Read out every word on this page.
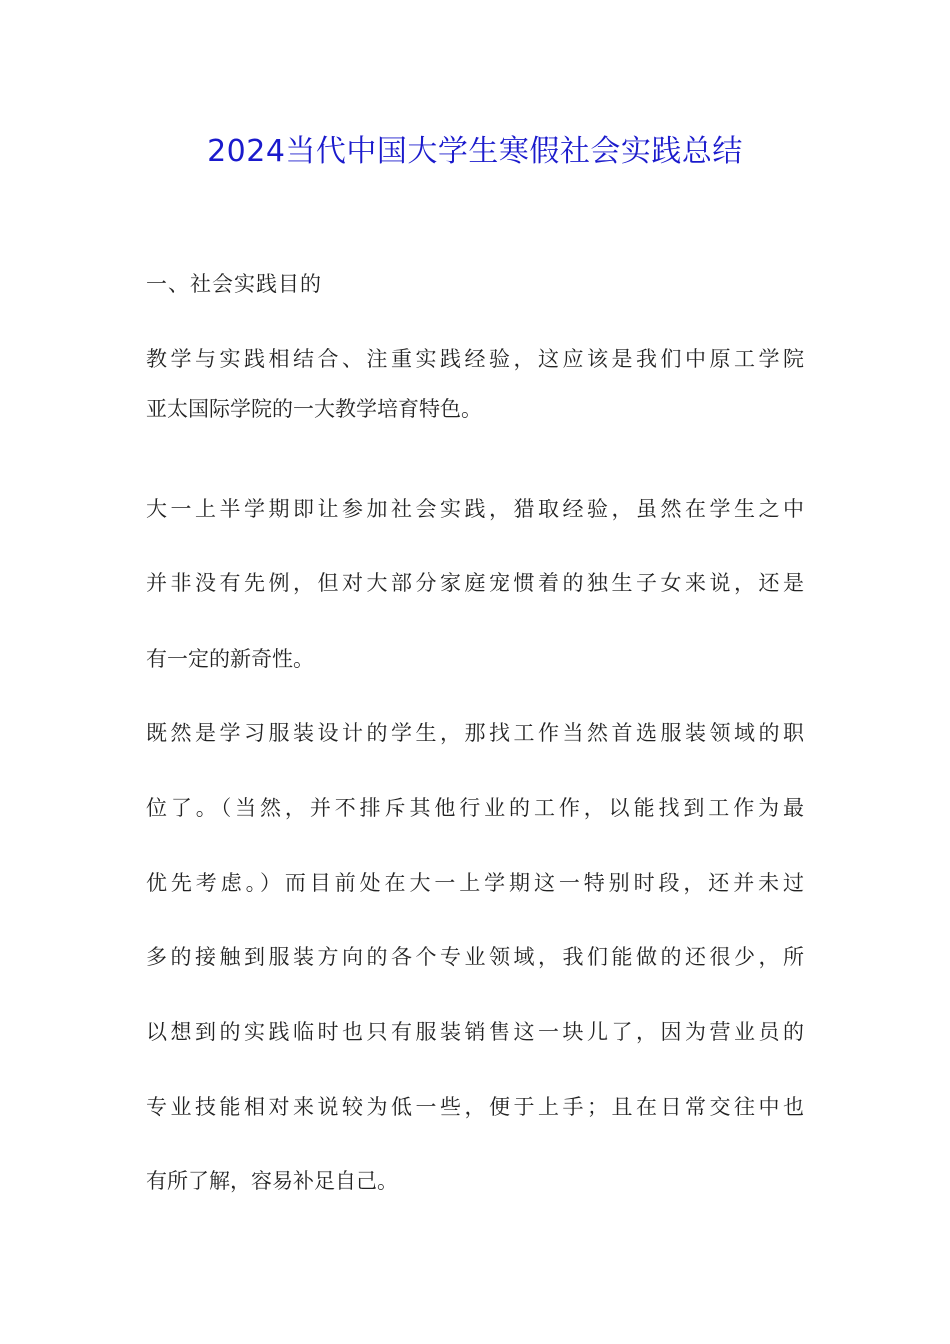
2024当代中国大学生寒假社会实践总结
一、社会实践目的
教学与实践相结合、注重实践经验，这应该是我们中原工学院
亚太国际学院的一大教学培育特色。
大一上半学期即让参加社会实践，猎取经验，虽然在学生之中
并非没有先例，但对大部分家庭宠惯着的独生子女来说，还是
有一定的新奇性。
既然是学习服装设计的学生，那找工作当然首选服装领域的职
位了。（当然，并不排斥其他行业的工作，以能找到工作为最
优先考虑。）而目前处在大一上学期这一特别时段，还并未过
多的接触到服装方向的各个专业领域，我们能做的还很少，所
以想到的实践临时也只有服装销售这一块儿了，因为营业员的
专业技能相对来说较为低一些，便于上手；且在日常交往中也
有所了解，容易补足自己。
